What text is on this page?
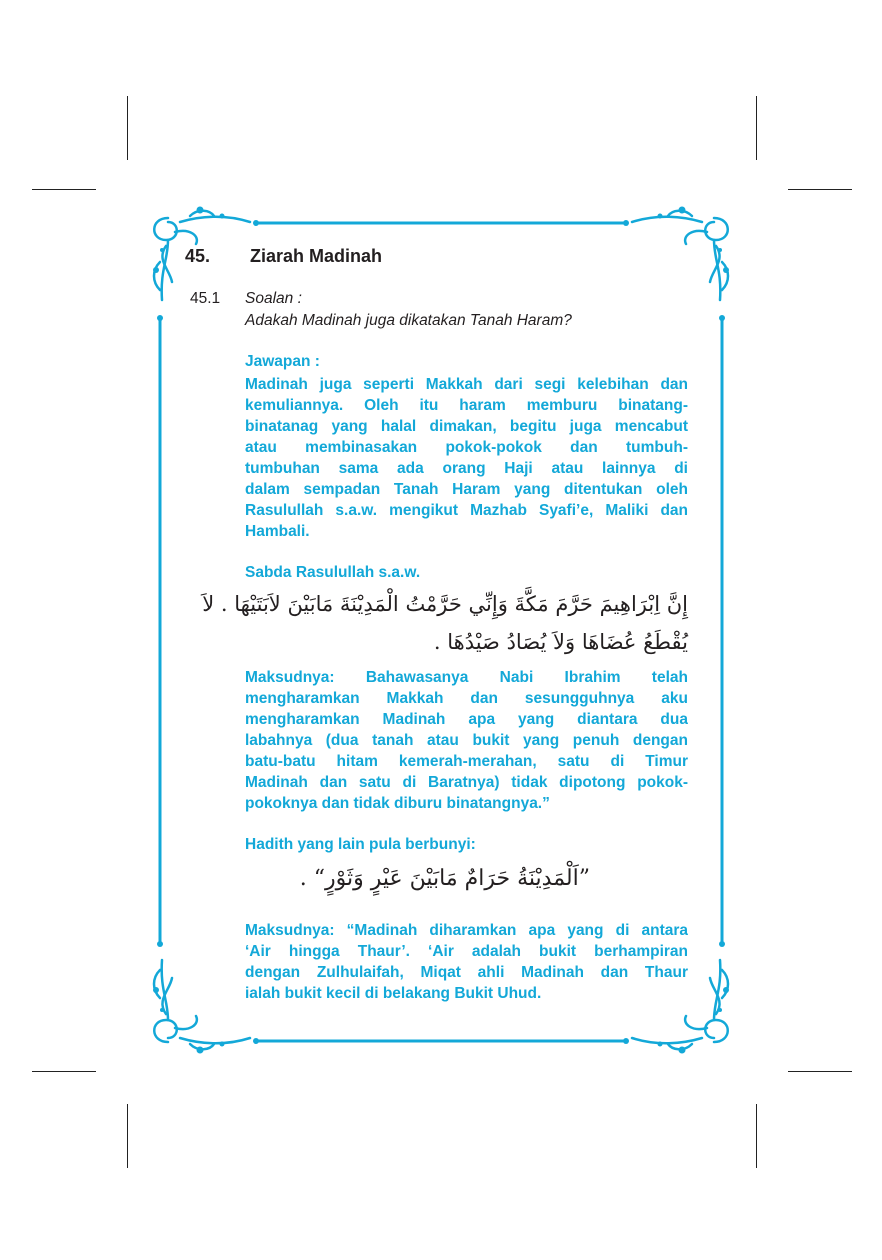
45. Ziarah Madinah
45.1 Soalan :
Adakah Madinah juga dikatakan Tanah Haram?
Jawapan :
Madinah juga seperti Makkah dari segi kelebihan dan
kemuliannya. Oleh itu haram memburu binatang-
binatanag yang halal dimakan, begitu juga mencabut
atau membinasakan pokok-pokok dan tumbuh-
tumbuhan sama ada orang Haji atau lainnya di
dalam sempadan Tanah Haram yang ditentukan oleh
Rasulullah s.a.w. mengikut Mazhab Syafi’e, Maliki dan
Hambali.
Sabda Rasulullah s.a.w.
إِنَّ اِبْرَاهِيمَ حَرَّمَ مَكَّةَ وَإِنِّي حَرَّمْتُ الْمَدِيْنَةَ مَابَيْنَ لاَبَتَيْهَا . لاَ
يُقْطَعُ عُضَاهَا وَلاَ يُصَادُ صَيْدُهَا .
Maksudnya: Bahawasanya Nabi Ibrahim telah
mengharamkan Makkah dan sesungguhnya aku
mengharamkan Madinah apa yang diantara dua
labahnya (dua tanah atau bukit yang penuh dengan
batu-batu hitam kemerah-merahan, satu di Timur
Madinah dan satu di Baratnya) tidak dipotong pokok-
pokoknya dan tidak diburu binatangnya.”
Hadith yang lain pula berbunyi:
”اَلْمَدِيْنَةُ حَرَامٌ مَابَيْنَ عَيْرٍ وَثَوْرٍ“ .
Maksudnya: “Madinah diharamkan apa yang di antara
‘Air hingga Thaur’. ‘Air adalah bukit berhampiran
dengan Zulhulaifah, Miqat ahli Madinah dan Thaur
ialah bukit kecil di belakang Bukit Uhud.
